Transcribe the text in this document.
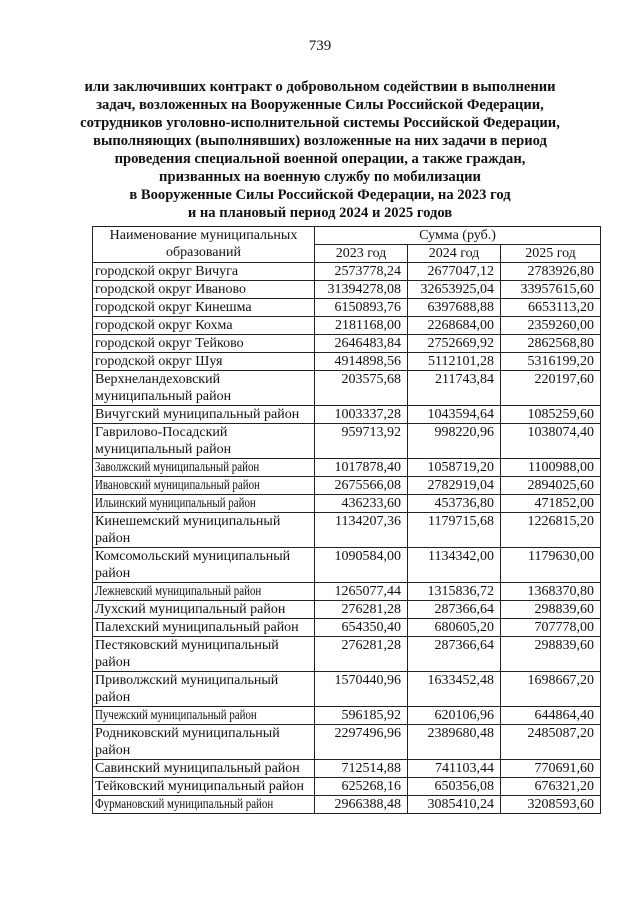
739
или заключивших контракт о добровольном содействии в выполнении
задач, возложенных на Вооруженные Силы Российской Федерации,
сотрудников уголовно-исполнительной системы Российской Федерации,
выполняющих (выполнявших) возложенные на них задачи в период
проведения специальной военной операции, а также граждан,
призванных на военную службу по мобилизации
в Вооруженные Силы Российской Федерации, на 2023 год
и на плановый период 2024 и 2025 годов
Наименование муниципальных образований	Сумма (руб.)		
	2023 год	2024 год	2025 год
городской округ Вичуга	2573778,24	2677047,12	2783926,80
городской округ Иваново	31394278,08	32653925,04	33957615,60
городской округ Кинешма	6150893,76	6397688,88	6653113,20
городской округ Кохма	2181168,00	2268684,00	2359260,00
городской округ Тейково	2646483,84	2752669,92	2862568,80
городской округ Шуя	4914898,56	5112101,28	5316199,20
Верхнеландеховский муниципальный район	203575,68	211743,84	220197,60
Вичугский муниципальный район	1003337,28	1043594,64	1085259,60
Гаврилово-Посадский муниципальный район	959713,92	998220,96	1038074,40
Заволжский муниципальный район	1017878,40	1058719,20	1100988,00
Ивановский муниципальный район	2675566,08	2782919,04	2894025,60
Ильинский муниципальный район	436233,60	453736,80	471852,00
Кинешемский муниципальный район	1134207,36	1179715,68	1226815,20
Комсомольский муниципальный район	1090584,00	1134342,00	1179630,00
Лежневский муниципальный район	1265077,44	1315836,72	1368370,80
Лухский муниципальный район	276281,28	287366,64	298839,60
Палехский муниципальный район	654350,40	680605,20	707778,00
Пестяковский муниципальный район	276281,28	287366,64	298839,60
Приволжский муниципальный район	1570440,96	1633452,48	1698667,20
Пучежский муниципальный район	596185,92	620106,96	644864,40
Родниковский муниципальный район	2297496,96	2389680,48	2485087,20
Савинский муниципальный район	712514,88	741103,44	770691,60
Тейковский муниципальный район	625268,16	650356,08	676321,20
Фурмановский муниципальный район	2966388,48	3085410,24	3208593,60
